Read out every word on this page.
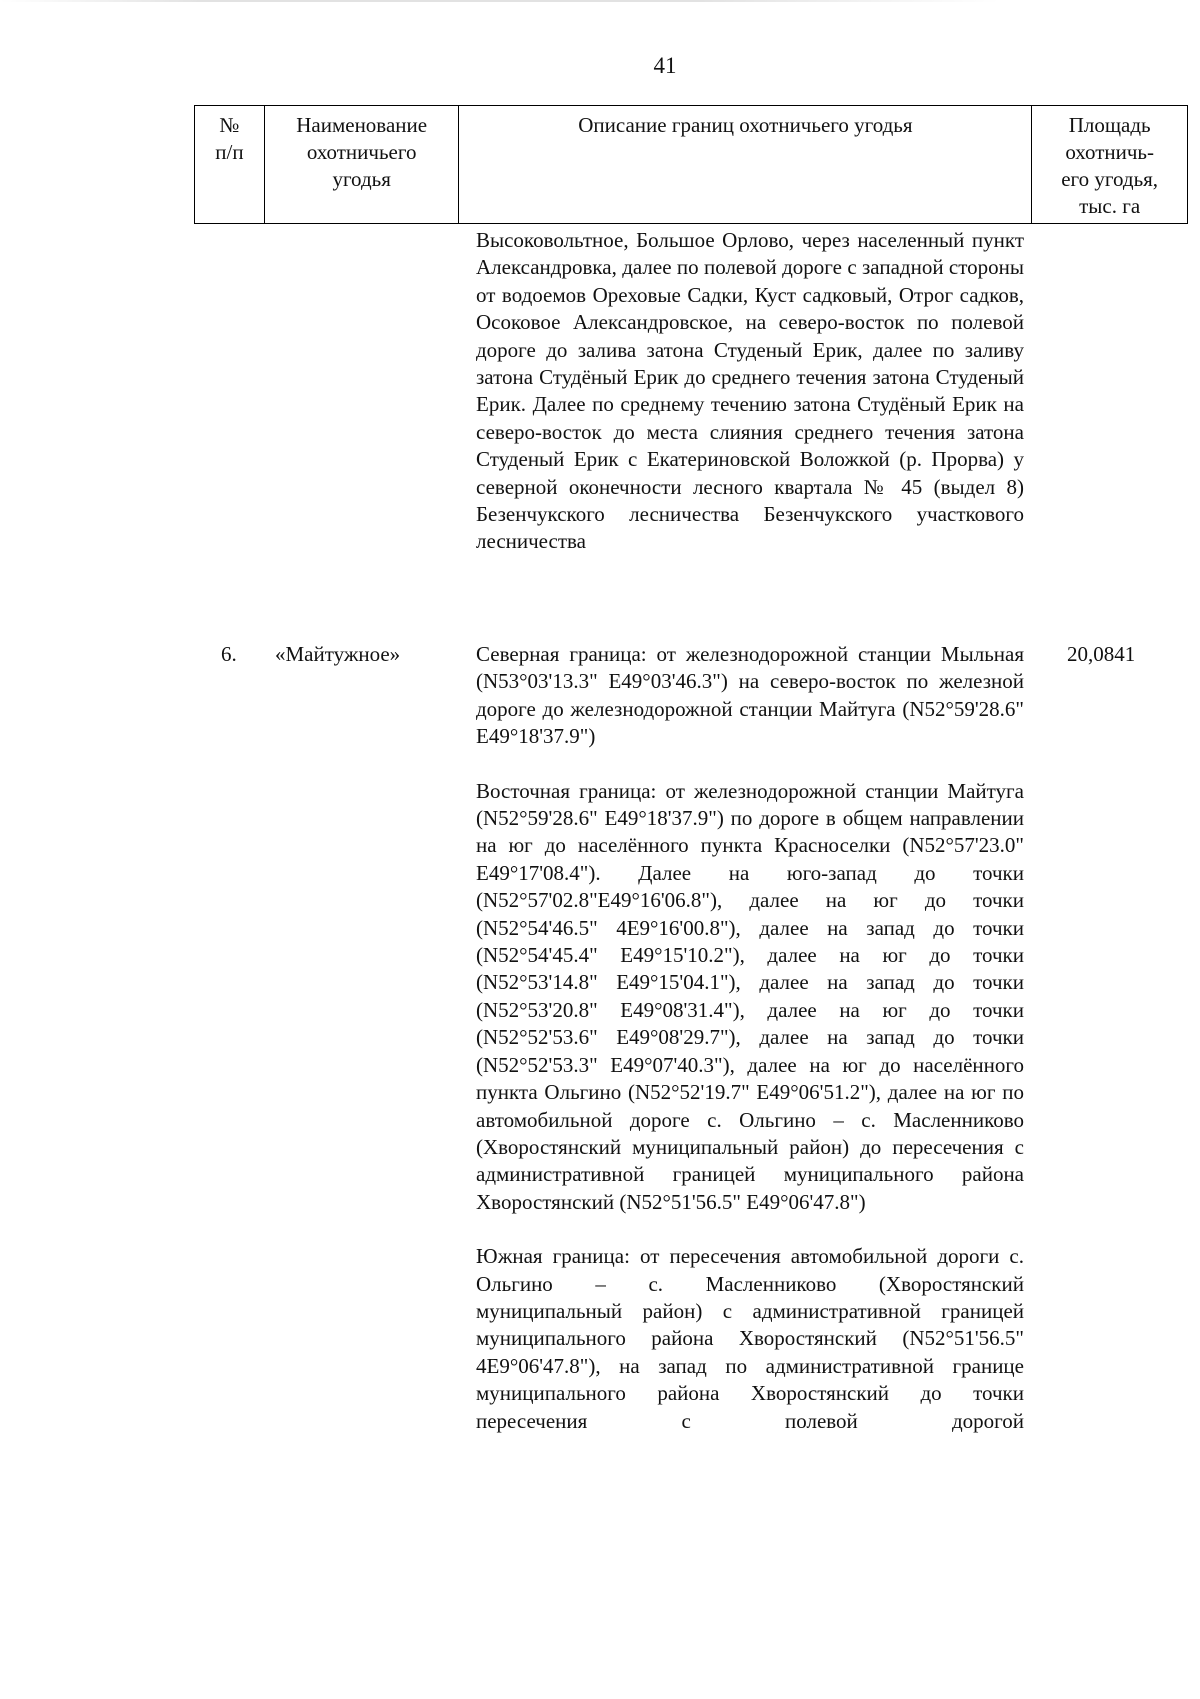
41
№
п/п
Наименование
охотничьего
угодья
Описание границ охотничьего угодья	Площадь
охотничь-
его угодья,
тыс. га

Высоковольтное, Большое Орлово, через населенный пункт Александровка, далее по полевой дороге с западной стороны от водоемов Ореховые Садки, Куст садковый, Отрог садков, Осоковое Александровское, на северо-восток по полевой дороге до залива затона Студеный Ерик, далее по заливу затона Студёный Ерик до среднего течения затона Студеный Ерик. Далее по среднему течению затона Студёный Ерик на северо-восток до места слияния среднего течения затона Студеный Ерик с Екатериновской Воложкой (р. Прорва) у северной оконечности лесного квартала № 45 (выдел 8) Безенчукского лесничества Безенчукского участкового лесничества

6. «Майтужное»	20,0841

Северная граница: от железнодорожной станции Мыльная (N53°03'13.3" E49°03'46.3") на северо-восток по железной дороге до железнодорожной станции Майтуга (N52°59'28.6" E49°18'37.9")

Восточная граница: от железнодорожной станции Майтуга (N52°59'28.6" E49°18'37.9") по дороге в общем направлении на юг до населённого пункта Красноселки (N52°57'23.0" E49°17'08.4"). Далее на юго-запад до точки (N52°57'02.8"E49°16'06.8"), далее на юг до точки (N52°54'46.5" 4E9°16'00.8"), далее на запад до точки (N52°54'45.4" E49°15'10.2"), далее на юг до точки (N52°53'14.8" E49°15'04.1"), далее на запад до точки (N52°53'20.8" E49°08'31.4"), далее на юг до точки (N52°52'53.6" E49°08'29.7"), далее на запад до точки (N52°52'53.3" E49°07'40.3"), далее на юг до населённого пункта Ольгино (N52°52'19.7" E49°06'51.2"), далее на юг по автомобильной дороге с. Ольгино – с. Масленниково (Хворостянский муниципальный район) до пересечения с административной границей муниципального района Хворостянский (N52°51'56.5" E49°06'47.8")

Южная граница: от пересечения автомобильной дороги с. Ольгино – с. Масленниково (Хворостянский муниципальный район) с административной границей муниципального района Хворостянский (N52°51'56.5" 4E9°06'47.8"), на запад по административной границе муниципального района Хворостянский до точки пересечения с полевой дорогой
